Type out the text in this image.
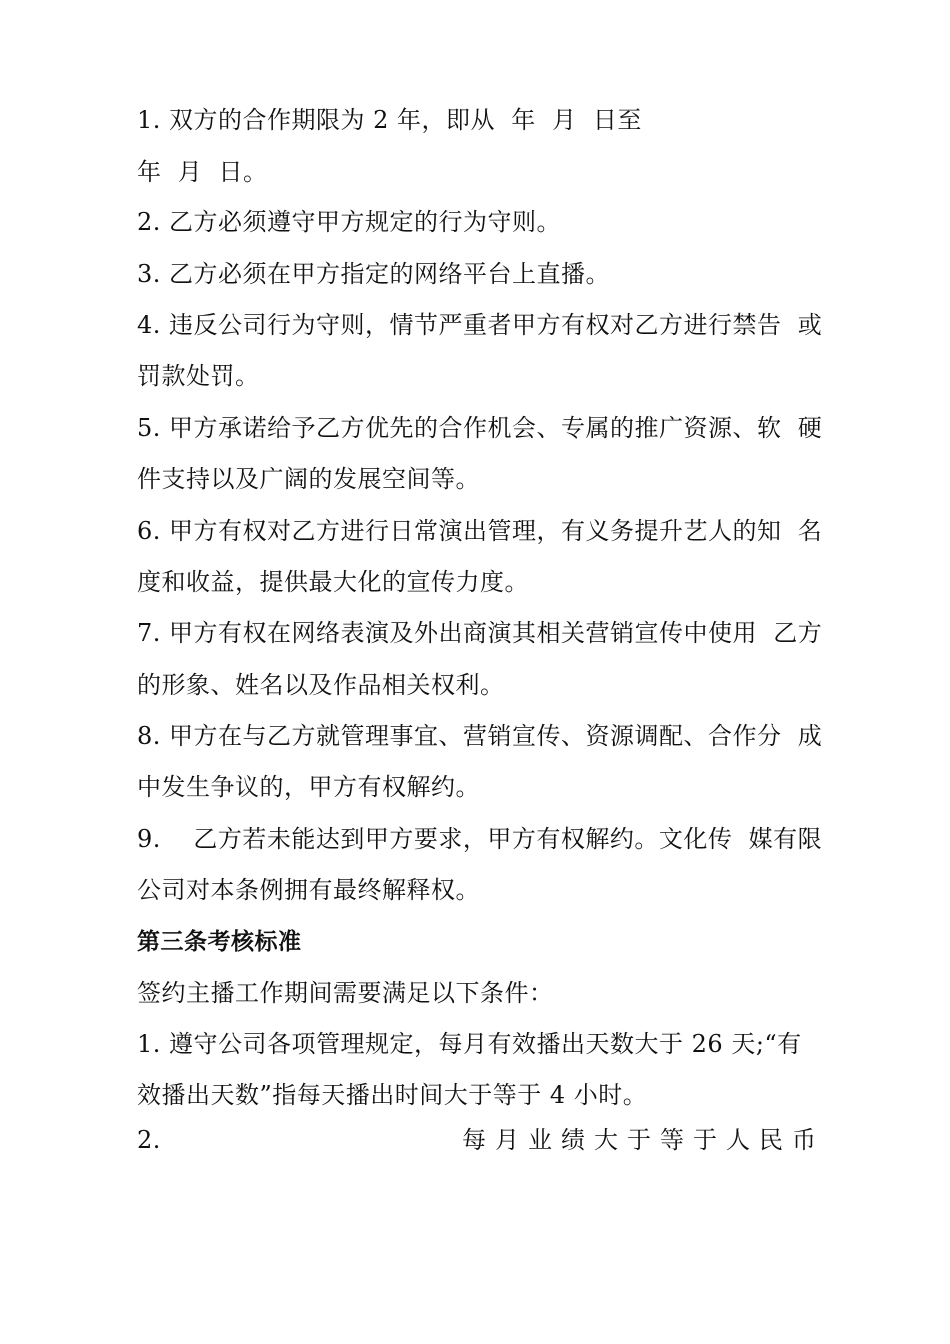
1. 双方的合作期限为 2 年，即从  年  月  日至
年  月  日。
2. 乙方必须遵守甲方规定的行为守则。
3. 乙方必须在甲方指定的网络平台上直播。
4. 违反公司行为守则，情节严重者甲方有权对乙方进行禁告  或
罚款处罚。
5. 甲方承诺给予乙方优先的合作机会、专属的推广资源、软  硬
件支持以及广阔的发展空间等。
6. 甲方有权对乙方进行日常演出管理，有义务提升艺人的知  名
度和收益，提供最大化的宣传力度。
7. 甲方有权在网络表演及外出商演其相关营销宣传中使用  乙方
的形象、姓名以及作品相关权利。
8. 甲方在与乙方就管理事宜、营销宣传、资源调配、合作分  成
中发生争议的，甲方有权解约。
9.    乙方若未能达到甲方要求，甲方有权解约。文化传  媒有限
公司对本条例拥有最终解释权。
第三条考核标准
签约主播工作期间需要满足以下条件：
1. 遵守公司各项管理规定，每月有效播出天数大于 26 天;“有
效播出天数”指每天播出时间大于等于 4 小时。
2.	每月业绩大于等于人民币
